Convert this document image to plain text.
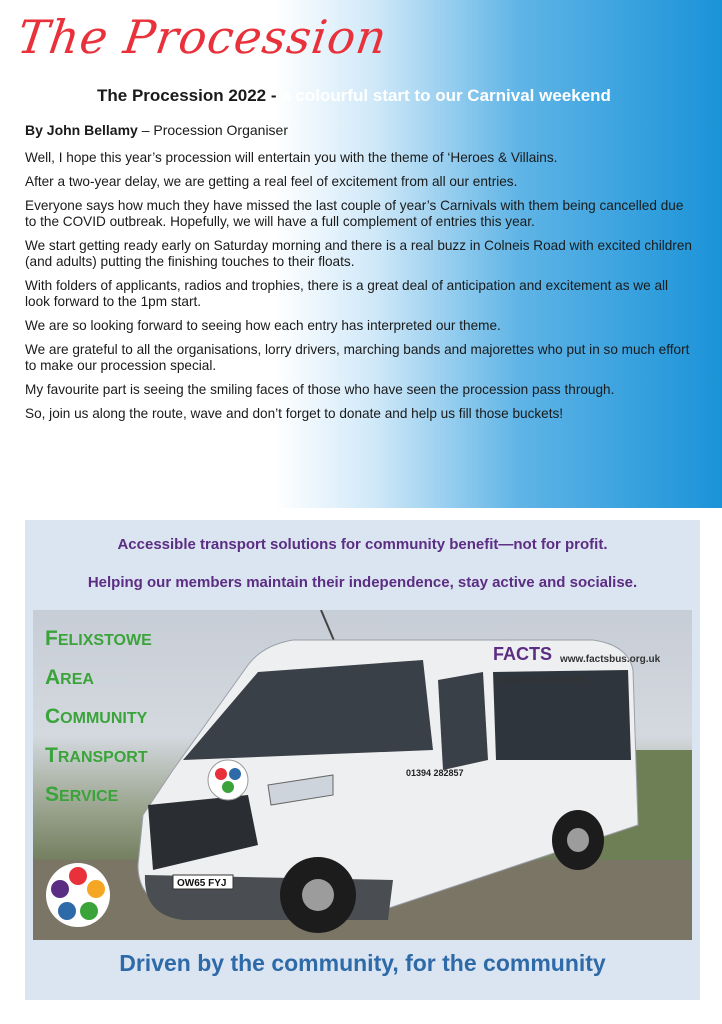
The Procession
The Procession 2022 - a colourful start to our Carnival weekend
By John Bellamy – Procession Organiser

Well, I hope this year’s procession will entertain you with the theme of ‘Heroes & Villains.

After a two-year delay, we are getting a real feel of excitement from all our entries.

Everyone says how much they have missed the last couple of year’s Carnivals with them being cancelled due to the COVID outbreak. Hopefully, we will have a full complement of entries this year.

We start getting ready early on Saturday morning and there is a real buzz in Colneis Road with excited children (and adults) putting the finishing touches to their floats.

With folders of applicants, radios and trophies, there is a great deal of anticipation and excitement as we all look forward to the 1pm start.

We are so looking forward to seeing how each entry has interpreted our theme.

We are grateful to all the organisations, lorry drivers, marching bands and majorettes who put in so much effort to make our procession special.

My favourite part is seeing the smiling faces of those who have seen the procession pass through.

So, join us along the route, wave and don’t forget to donate and help us fill those buckets!

Accessible transport solutions for community benefit—not for profit.
Helping our members maintain their independence, stay active and socialise.
FACTS www.factsbus.org.uk
COMMUNITY TRANSPORT
01394 282857
OW65 FYJ
FELIXSTOWE
AREA
COMMUNITY
TRANSPORT
SERVICE
Driven by the community, for the community
